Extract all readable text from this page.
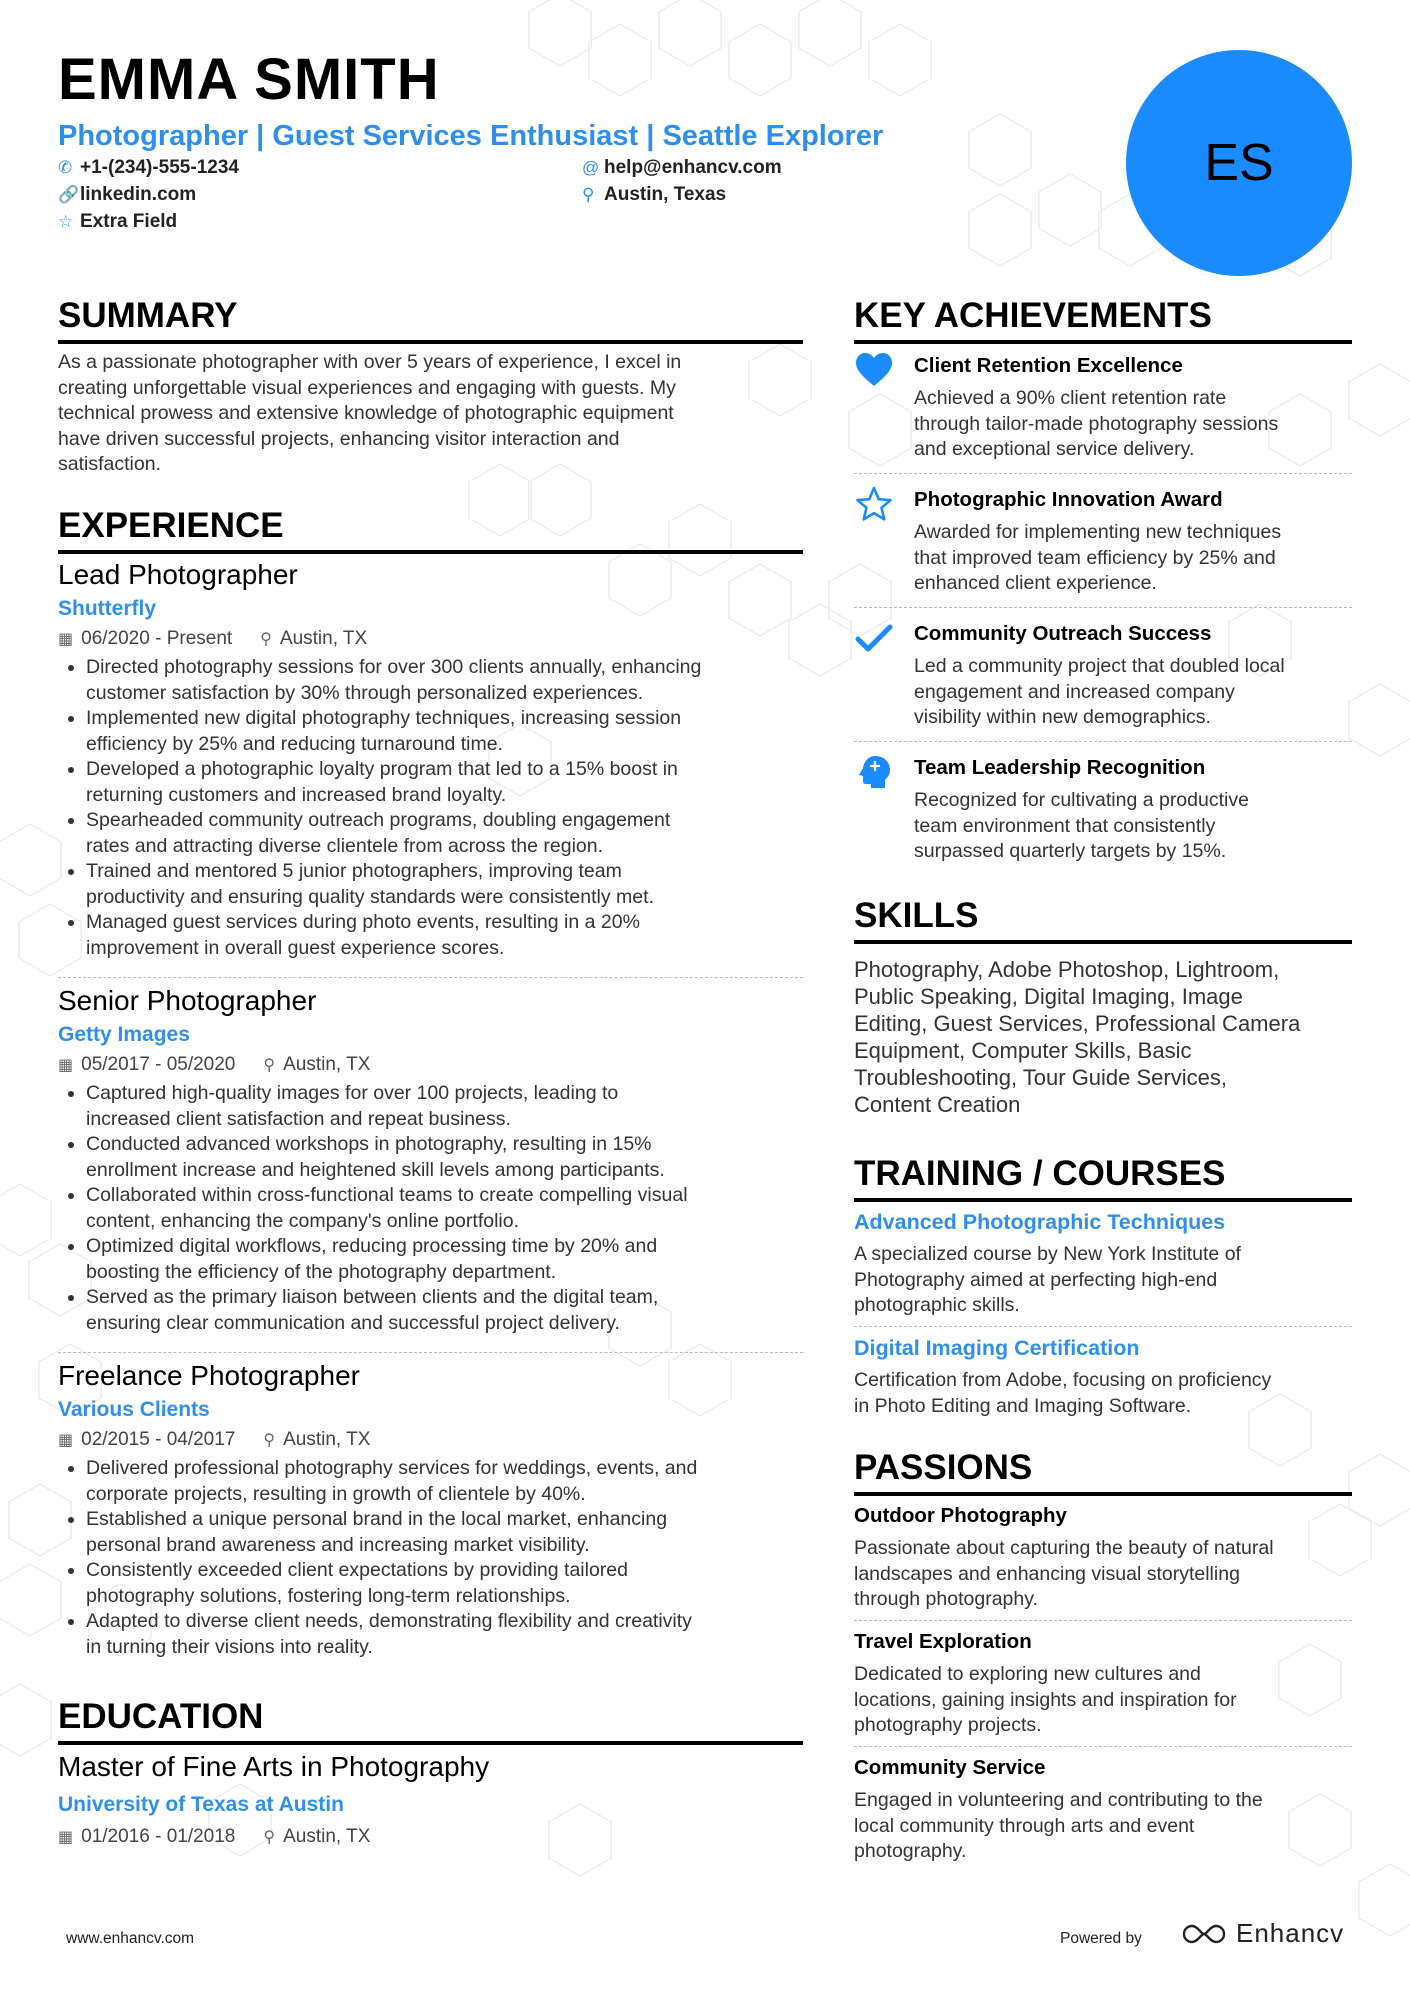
EMMA SMITH
Photographer | Guest Services Enthusiast | Seattle Explorer
✆ +1-(234)-555-1234	@ help@enhancv.com
🔗linkedin.com	⚲ Austin, Texas
☆ Extra Field
ES
SUMMARY
As a passionate photographer with over 5 years of experience, I excel in
creating unforgettable visual experiences and engaging with guests. My
technical prowess and extensive knowledge of photographic equipment
have driven successful projects, enhancing visitor interaction and
satisfaction.
EXPERIENCE

Lead Photographer

Shutterfly

▦ 06/2020 - Present ⚲ Austin, TX

• Directed photography sessions for over 300 clients annually, enhancing
customer satisfaction by 30% through personalized experiences.
• Implemented new digital photography techniques, increasing session
efficiency by 25% and reducing turnaround time.
• Developed a photographic loyalty program that led to a 15% boost in
returning customers and increased brand loyalty.
• Spearheaded community outreach programs, doubling engagement
rates and attracting diverse clientele from across the region.
• Trained and mentored 5 junior photographers, improving team
productivity and ensuring quality standards were consistently met.
• Managed guest services during photo events, resulting in a 20%
improvement in overall guest experience scores.

Senior Photographer

Getty Images

▦ 05/2017 - 05/2020 ⚲ Austin, TX

• Captured high-quality images for over 100 projects, leading to
increased client satisfaction and repeat business.
• Conducted advanced workshops in photography, resulting in 15%
enrollment increase and heightened skill levels among participants.
• Collaborated within cross-functional teams to create compelling visual
content, enhancing the company's online portfolio.
• Optimized digital workflows, reducing processing time by 20% and
boosting the efficiency of the photography department.
• Served as the primary liaison between clients and the digital team,
ensuring clear communication and successful project delivery.

Freelance Photographer

Various Clients

▦ 02/2015 - 04/2017 ⚲ Austin, TX

• Delivered professional photography services for weddings, events, and
corporate projects, resulting in growth of clientele by 40%.
• Established a unique personal brand in the local market, enhancing
personal brand awareness and increasing market visibility.
• Consistently exceeded client expectations by providing tailored
photography solutions, fostering long-term relationships.
• Adapted to diverse client needs, demonstrating flexibility and creativity
in turning their visions into reality.
EDUCATION

Master of Fine Arts in Photography

University of Texas at Austin

▦ 01/2016 - 01/2018 ⚲ Austin, TX

KEY ACHIEVEMENTS

Client Retention Excellence

Achieved a 90% client retention rate
through tailor-made photography sessions
and exceptional service delivery.

Photographic Innovation Award

Awarded for implementing new techniques
that improved team efficiency by 25% and
enhanced client experience.

Community Outreach Success

Led a community project that doubled local
engagement and increased company
visibility within new demographics.

Team Leadership Recognition

Recognized for cultivating a productive
team environment that consistently
surpassed quarterly targets by 15%.
SKILLS
Photography, Adobe Photoshop, Lightroom,
Public Speaking, Digital Imaging, Image
Editing, Guest Services, Professional Camera
Equipment, Computer Skills, Basic
Troubleshooting, Tour Guide Services,
Content Creation
TRAINING / COURSES

Advanced Photographic Techniques

A specialized course by New York Institute of
Photography aimed at perfecting high-end
photographic skills.

Digital Imaging Certification

Certification from Adobe, focusing on proficiency
in Photo Editing and Imaging Software.
PASSIONS

Outdoor Photography

Passionate about capturing the beauty of natural
landscapes and enhancing visual storytelling
through photography.

Travel Exploration

Dedicated to exploring new cultures and
locations, gaining insights and inspiration for
photography projects.

Community Service

Engaged in volunteering and contributing to the
local community through arts and event
photography.
www.enhancv.com	Powered by	Enhancv
